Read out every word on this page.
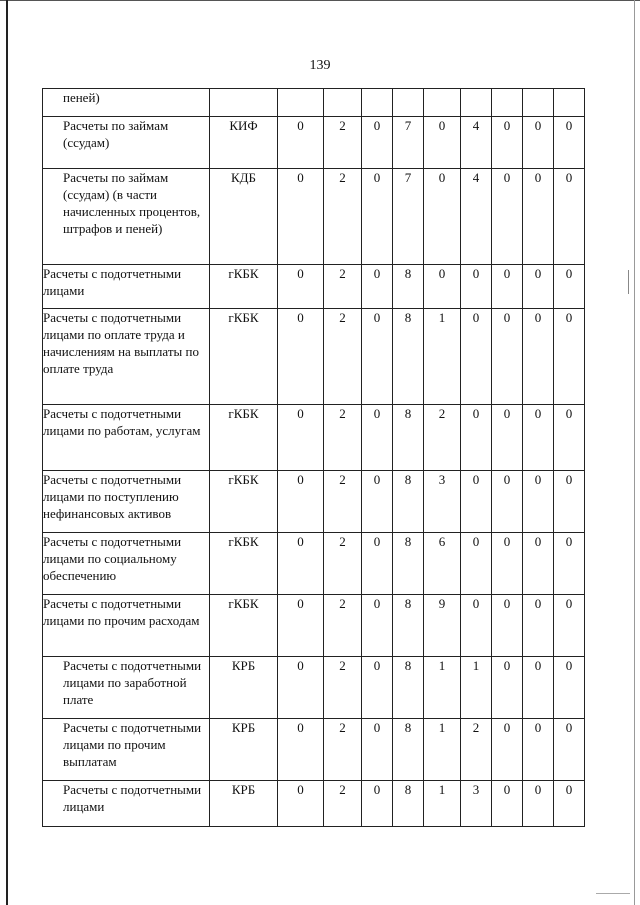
139
пеней)										
Расчеты по займам (ссудам)	КИФ	0	2	0	7	0	4	0	0	0
Расчеты по займам (ссудам) (в части начисленных процентов, штрафов и пеней)	КДБ	0	2	0	7	0	4	0	0	0
Расчеты с подотчетными лицами	гКБК	0	2	0	8	0	0	0	0	0
Расчеты с подотчетными лицами по оплате труда и начислениям на выплаты по оплате труда	гКБК	0	2	0	8	1	0	0	0	0
Расчеты с подотчетными лицами по работам, услугам	гКБК	0	2	0	8	2	0	0	0	0
Расчеты с подотчетными лицами по поступлению нефинансовых активов	гКБК	0	2	0	8	3	0	0	0	0
Расчеты с подотчетными лицами по социальному обеспечению	гКБК	0	2	0	8	6	0	0	0	0
Расчеты с подотчетными лицами по прочим расходам	гКБК	0	2	0	8	9	0	0	0	0
Расчеты с подотчетными лицами по заработной плате	КРБ	0	2	0	8	1	1	0	0	0
Расчеты с подотчетными лицами по прочим выплатам	КРБ	0	2	0	8	1	2	0	0	0
Расчеты с подотчетными лицами	КРБ	0	2	0	8	1	3	0	0	0
